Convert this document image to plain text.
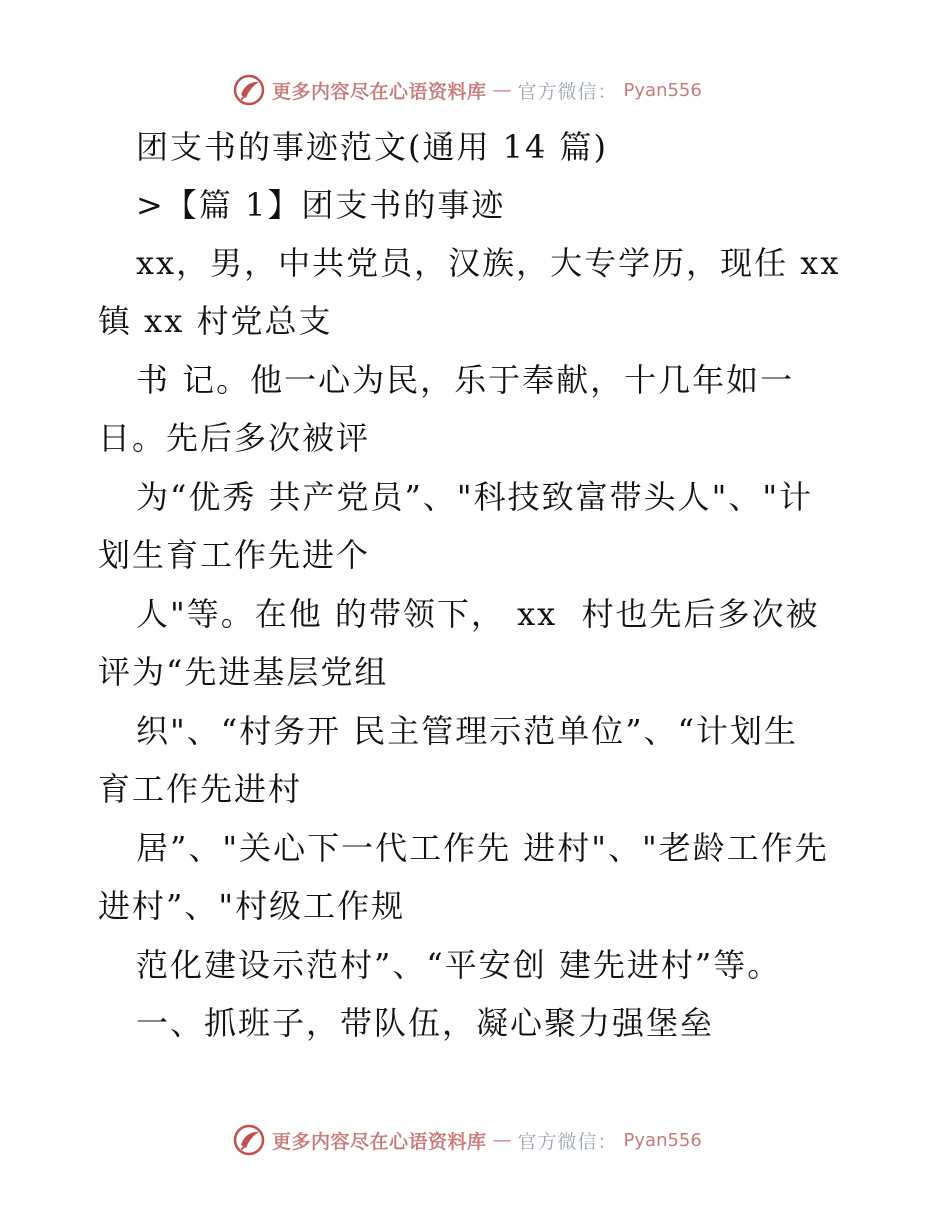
更多内容尽在心语资料库 — 官方微信： Pyan556
团支书的事迹范文(通用 14 篇)
>【篇 1】团支书的事迹
xx，男，中共党员，汉族，大专学历，现任 xx
镇 xx 村党总支
书 记。他一心为民，乐于奉献，十几年如一
日。先后多次被评
为“优秀 共产党员”、"科技致富带头人"、"计
划生育工作先进个
人"等。在他 的带领下， xx  村也先后多次被
评为“先进基层党组
织"、“村务开 民主管理示范单位”、“计划生
育工作先进村
居”、"关心下一代工作先 进村"、"老龄工作先
进村”、"村级工作规
范化建设示范村”、“平安创 建先进村”等。
一、抓班子，带队伍，凝心聚力强堡垒
更多内容尽在心语资料库 — 官方微信： Pyan556
